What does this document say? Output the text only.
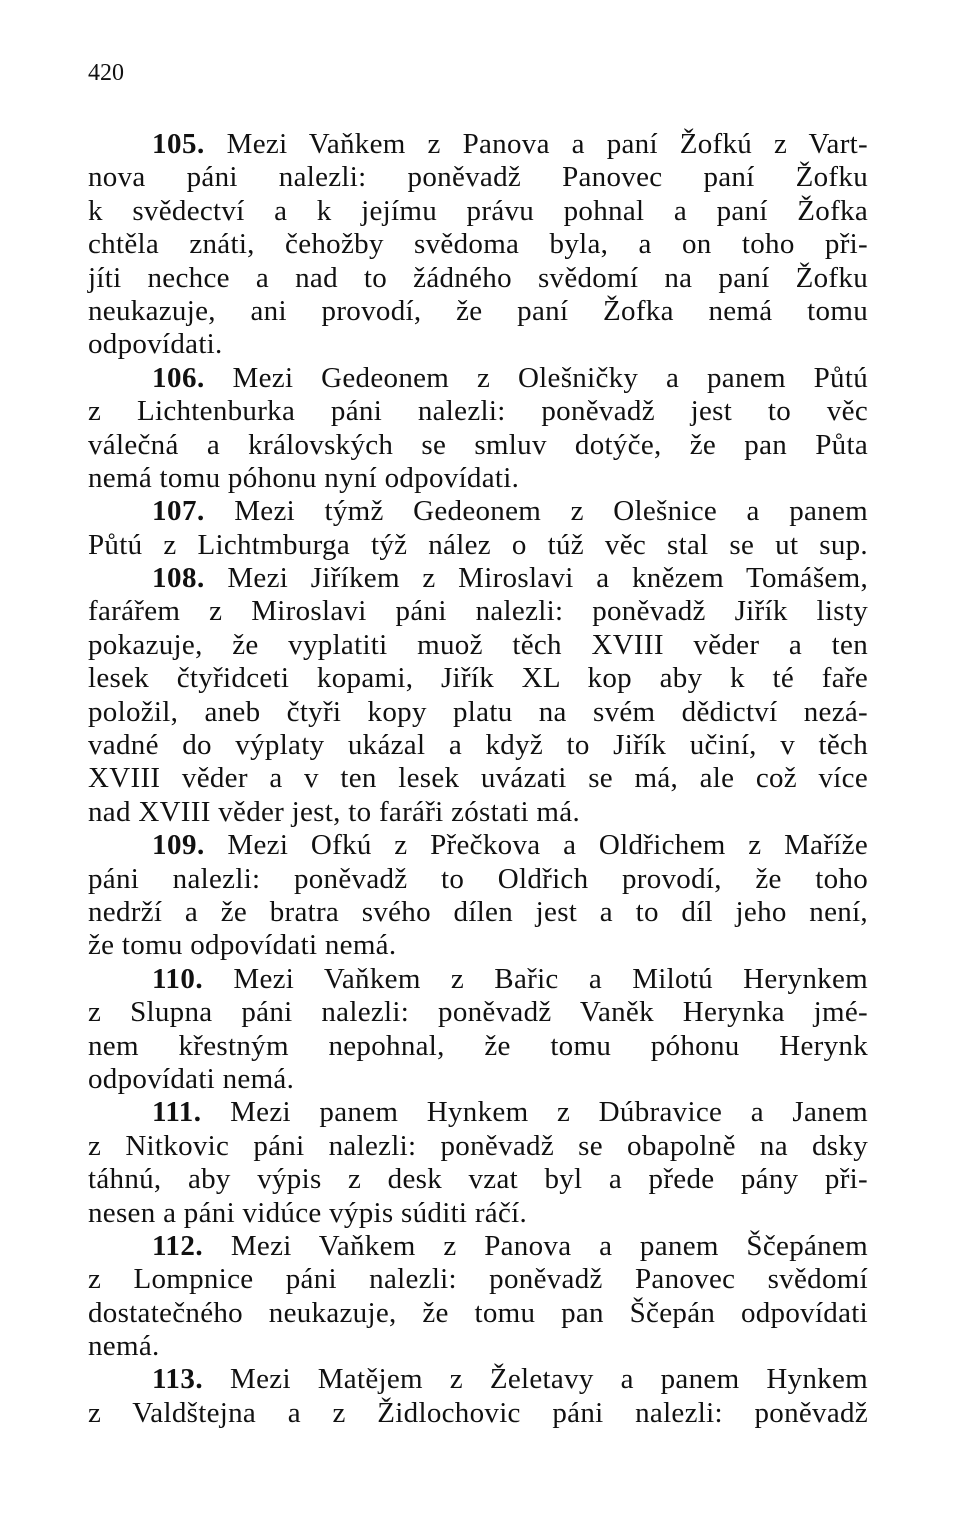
420
105. Mezi Vaňkem z Panova a paní Žofkú z Vart-
nova páni nalezli: poněvadž Panovec paní Žofku
k svědectví a k jejímu právu pohnal a paní Žofka
chtěla znáti, čehožby svědoma byla, a on toho při-
jíti nechce a nad to žádného svědomí na paní Žofku
neukazuje, ani provodí, že paní Žofka nemá tomu
odpovídati.
106. Mezi Gedeonem z Olešničky a panem Půtú
z Lichtenburka páni nalezli: poněvadž jest to věc
válečná a královských se smluv dotýče, že pan Půta
nemá tomu póhonu nyní odpovídati.
107. Mezi týmž Gedeonem z Olešnice a panem
Půtú z Lichtmburga týž nález o túž věc stal se ut sup.
108. Mezi Jiříkem z Miroslavi a knězem Tomášem,
farářem z Miroslavi páni nalezli: poněvadž Jiřík listy
pokazuje, že vyplatiti muož těch XVIII věder a ten
lesek čtyřidceti kopami, Jiřík XL kop aby k té faře
položil, aneb čtyři kopy platu na svém dědictví nezá-
vadné do výplaty ukázal a když to Jiřík učiní, v těch
XVIII věder a v ten lesek uvázati se má, ale což více
nad XVIII věder jest, to faráři zóstati má.
109. Mezi Ofkú z Přečkova a Oldřichem z Maříže
páni nalezli: poněvadž to Oldřich provodí, že toho
nedrží a že bratra svého dílen jest a to díl jeho není,
že tomu odpovídati nemá.
110. Mezi Vaňkem z Bařic a Milotú Herynkem
z Slupna páni nalezli: poněvadž Vaněk Herynka jmé-
nem křestným nepohnal, že tomu póhonu Herynk
odpovídati nemá.
111. Mezi panem Hynkem z Dúbravice a Janem
z Nitkovic páni nalezli: poněvadž se obapolně na dsky
táhnú, aby výpis z desk vzat byl a přede pány při-
nesen a páni vidúce výpis súditi ráčí.
112. Mezi Vaňkem z Panova a panem Ščepánem
z Lompnice páni nalezli: poněvadž Panovec svědomí
dostatečného neukazuje, že tomu pan Ščepán odpovídati
nemá.
113. Mezi Matějem z Želetavy a panem Hynkem
z Valdštejna a z Židlochovic páni nalezli: poněvadž
